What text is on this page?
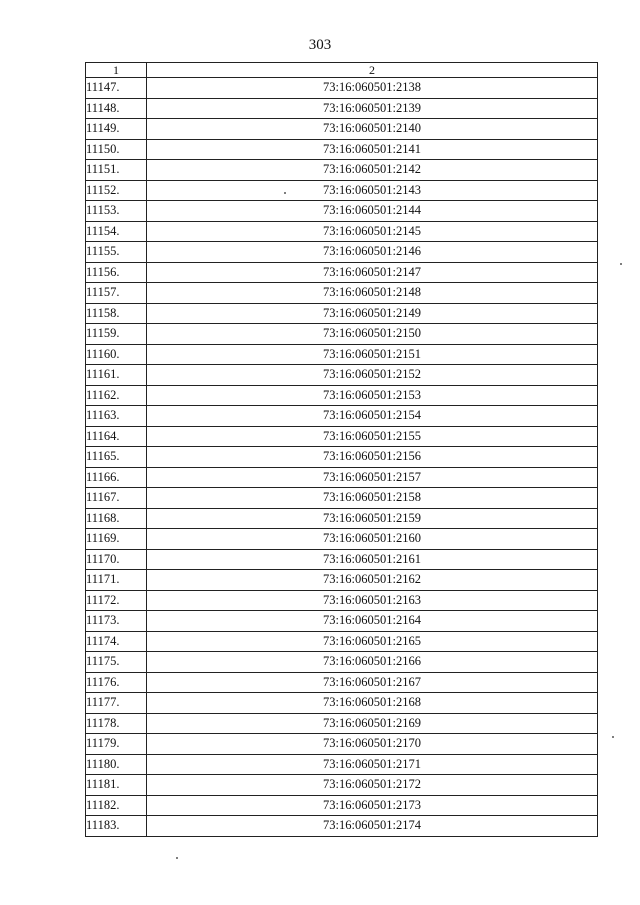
303
1	2
11147.	73:16:060501:2138
11148.	73:16:060501:2139
11149.	73:16:060501:2140
11150.	73:16:060501:2141
11151.	73:16:060501:2142
11152.	73:16:060501:2143
11153.	73:16:060501:2144
11154.	73:16:060501:2145
11155.	73:16:060501:2146
11156.	73:16:060501:2147
11157.	73:16:060501:2148
11158.	73:16:060501:2149
11159.	73:16:060501:2150
11160.	73:16:060501:2151
11161.	73:16:060501:2152
11162.	73:16:060501:2153
11163.	73:16:060501:2154
11164.	73:16:060501:2155
11165.	73:16:060501:2156
11166.	73:16:060501:2157
11167.	73:16:060501:2158
11168.	73:16:060501:2159
11169.	73:16:060501:2160
11170.	73:16:060501:2161
11171.	73:16:060501:2162
11172.	73:16:060501:2163
11173.	73:16:060501:2164
11174.	73:16:060501:2165
11175.	73:16:060501:2166
11176.	73:16:060501:2167
11177.	73:16:060501:2168
11178.	73:16:060501:2169
11179.	73:16:060501:2170
11180.	73:16:060501:2171
11181.	73:16:060501:2172
11182.	73:16:060501:2173
11183.	73:16:060501:2174
